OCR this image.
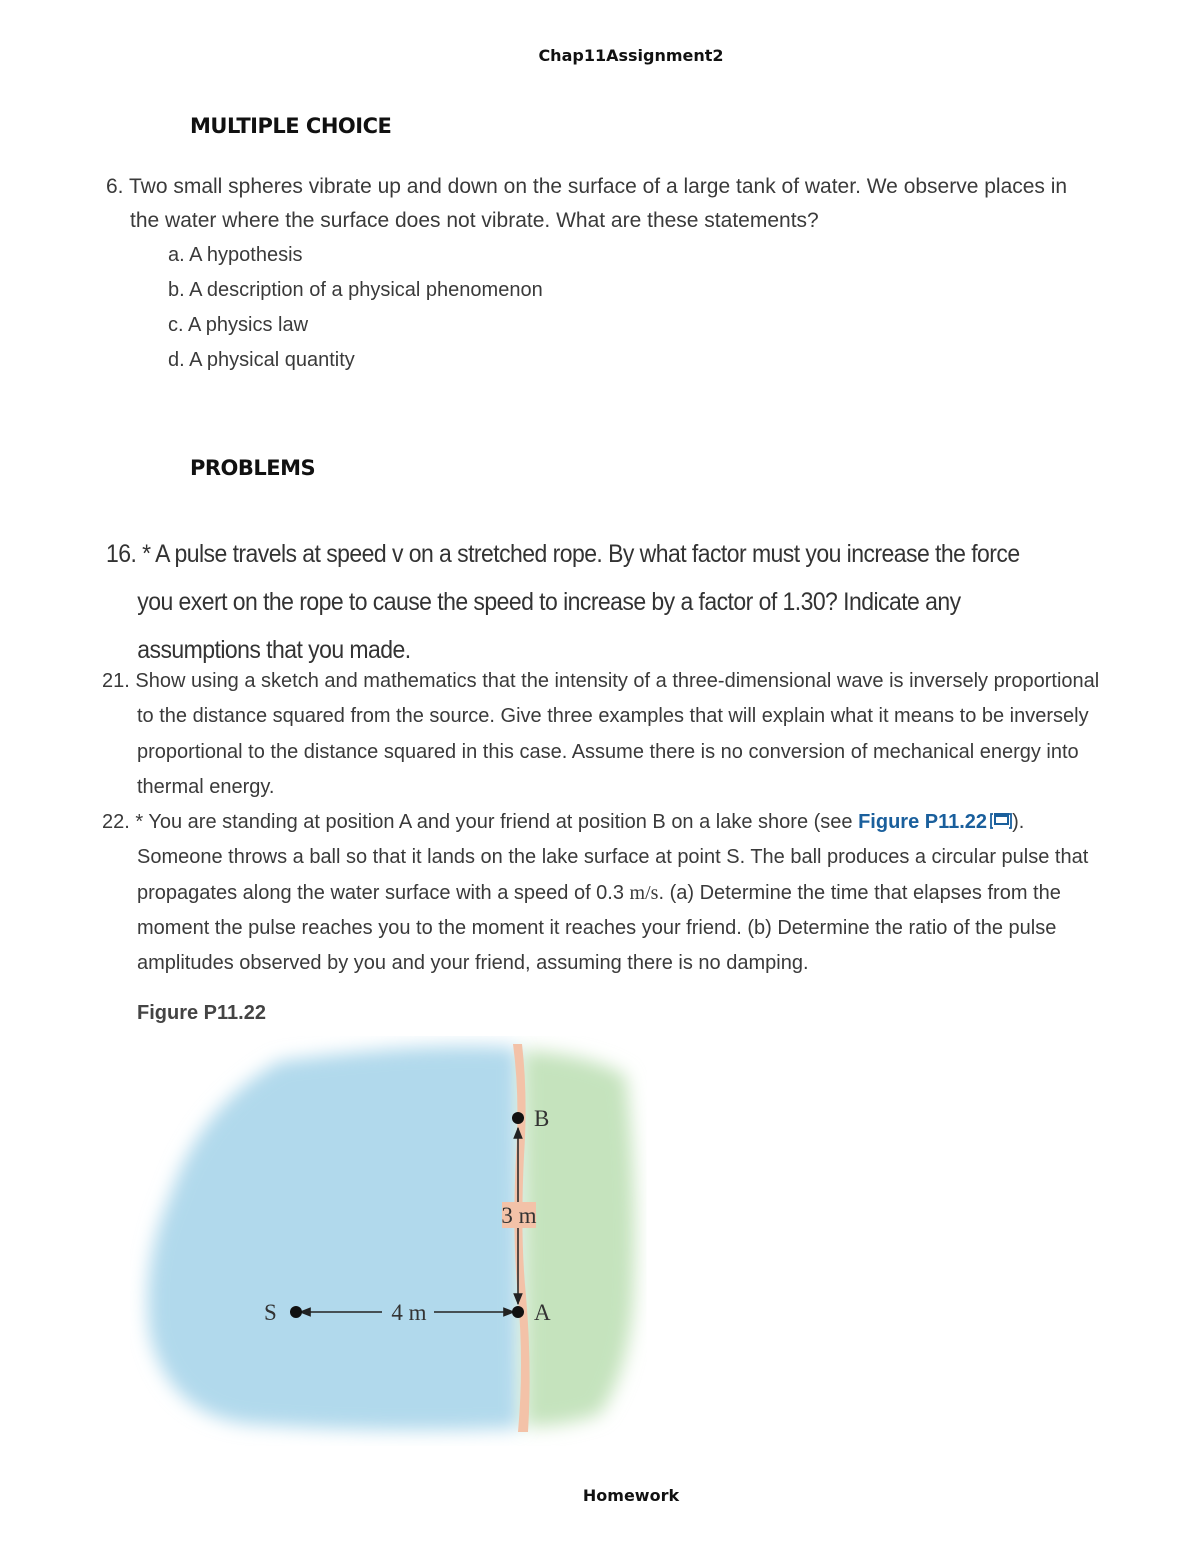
Chap11Assignment2
MULTIPLE CHOICE
6. Two small spheres vibrate up and down on the surface of a large tank of water. We observe places in the water where the surface does not vibrate. What are these statements?
a. A hypothesis
b. A description of a physical phenomenon
c. A physics law
d. A physical quantity
PROBLEMS
16. * A pulse travels at speed v on a stretched rope. By what factor must you increase the force you exert on the rope to cause the speed to increase by a factor of 1.30? Indicate any assumptions that you made.
21. Show using a sketch and mathematics that the intensity of a three-dimensional wave is inversely proportional to the distance squared from the source. Give three examples that will explain what it means to be inversely proportional to the distance squared in this case. Assume there is no conversion of mechanical energy into thermal energy.
22. * You are standing at position A and your friend at position B on a lake shore (see Figure P11.22 ). Someone throws a ball so that it lands on the lake surface at point S. The ball produces a circular pulse that propagates along the water surface with a speed of 0.3 m/s. (a) Determine the time that elapses from the moment the pulse reaches you to the moment it reaches your friend. (b) Determine the ratio of the pulse amplitudes observed by you and your friend, assuming there is no damping.
Figure P11.22
B
A
S
3 m
4 m
Homework
